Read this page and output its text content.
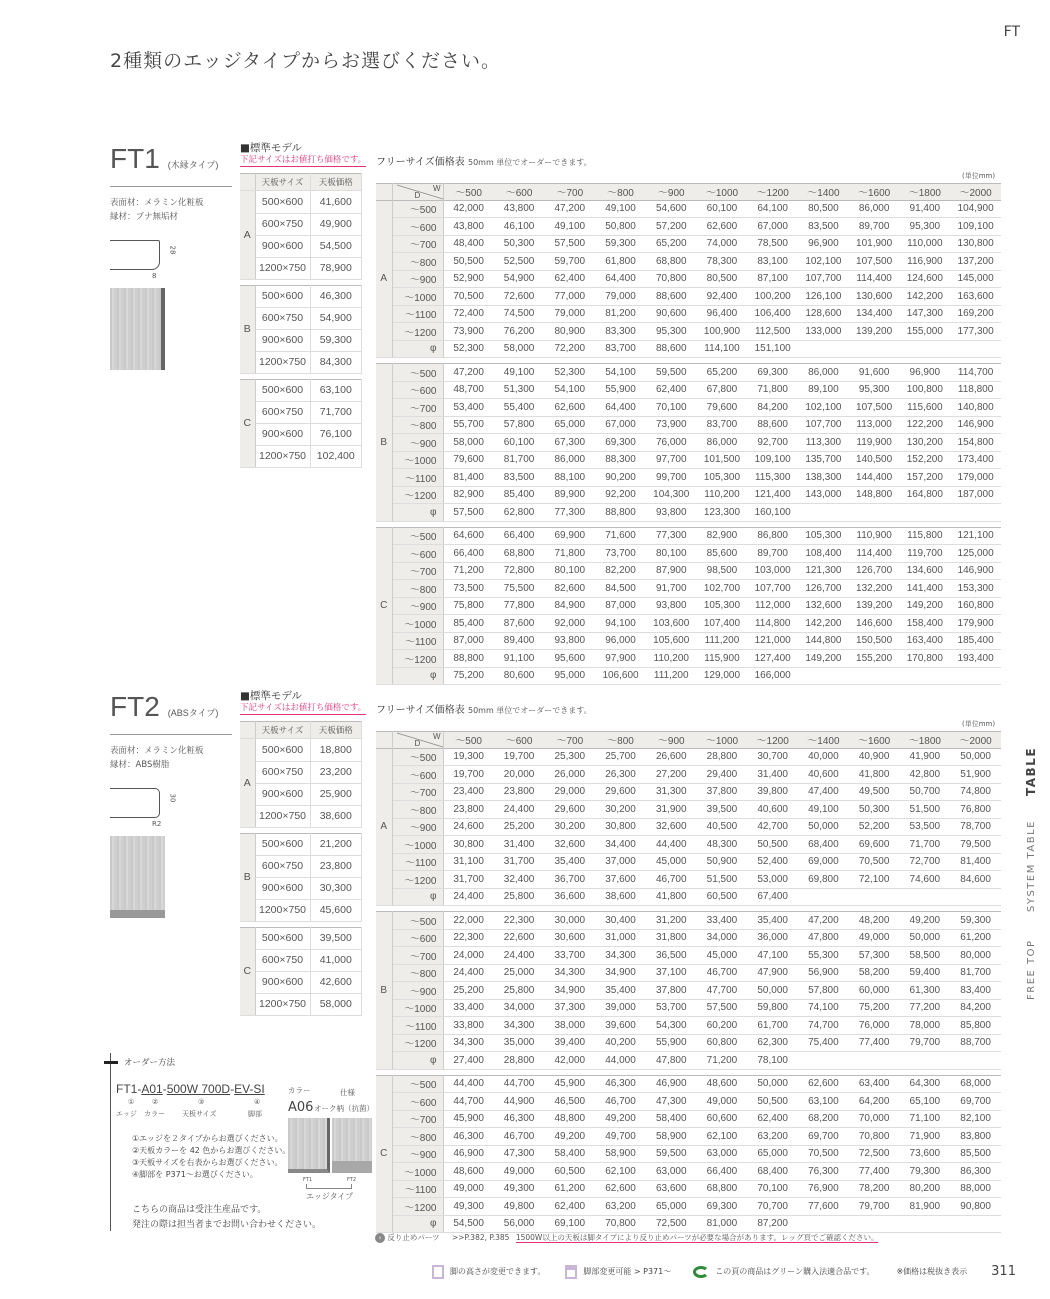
2種類のエッジタイプからお選びください。
FT
FREE TOP
SYSTEM TABLE
TABLE
FT1 (木縁タイプ)
表面材：メラミン化粧板
縁材：ブナ無垢材
28
8
■標準モデル
下記サイズはお値打ち価格です。 フリーサイズ価格表 50mm 単位でオーダーできます。
(単位mm)
	天板サイズ	天板価格
A	500×600	41,600
	600×750	49,900
	900×600	54,500
	1200×750	78,900
B	500×600	46,300
	600×750	54,900
	900×600	59,300
	1200×750	84,300
C	500×600	63,100
	600×750	71,700
	900×600	76,100
	1200×750	102,400

D
W	～500	～600	～700	～800	～900	～1000	～1200	～1400	～1600	～1800	～2000
A	～500	42,000	43,800	47,200	49,100	54,600	60,100	64,100	80,500	86,000	91,400	104,900
	～600	43,800	46,100	49,100	50,800	57,200	62,600	67,000	83,500	89,700	95,300	109,100
	～700	48,400	50,300	57,500	59,300	65,200	74,000	78,500	96,900	101,900	110,000	130,800
	～800	50,500	52,500	59,700	61,800	68,800	78,300	83,100	102,100	107,500	116,900	137,200
	～900	52,900	54,900	62,400	64,400	70,800	80,500	87,100	107,700	114,400	124,600	145,000
	～1000	70,500	72,600	77,000	79,000	88,600	92,400	100,200	126,100	130,600	142,200	163,600
	～1100	72,400	74,500	79,000	81,200	90,600	96,400	106,400	128,600	134,400	147,300	169,200
	～1200	73,900	76,200	80,900	83,300	95,300	100,900	112,500	133,000	139,200	155,000	177,300
	φ	52,300	58,000	72,200	83,700	88,600	114,100	151,100				
B	～500	47,200	49,100	52,300	54,100	59,500	65,200	69,300	86,000	91,600	96,900	114,700
	～600	48,700	51,300	54,100	55,900	62,400	67,800	71,800	89,100	95,300	100,800	118,800
	～700	53,400	55,400	62,600	64,400	70,100	79,600	84,200	102,100	107,500	115,600	140,800
	～800	55,700	57,800	65,000	67,000	73,900	83,700	88,600	107,700	113,000	122,200	146,900
	～900	58,000	60,100	67,300	69,300	76,000	86,000	92,700	113,300	119,900	130,200	154,800
	～1000	79,600	81,700	86,000	88,300	97,700	101,500	109,100	135,700	140,500	152,200	173,400
	～1100	81,400	83,500	88,100	90,200	99,700	105,300	115,300	138,300	144,400	157,200	179,000
	～1200	82,900	85,400	89,900	92,200	104,300	110,200	121,400	143,000	148,800	164,800	187,000
	φ	57,500	62,800	77,300	88,800	93,800	123,300	160,100				
C	～500	64,600	66,400	69,900	71,600	77,300	82,900	86,800	105,300	110,900	115,800	121,100
	～600	66,400	68,800	71,800	73,700	80,100	85,600	89,700	108,400	114,400	119,700	125,000
	～700	71,200	72,800	80,100	82,200	87,900	98,500	103,000	121,300	126,700	134,600	146,900
	～800	73,500	75,500	82,600	84,500	91,700	102,700	107,700	126,700	132,200	141,400	153,300
	～900	75,800	77,800	84,900	87,000	93,800	105,300	112,000	132,600	139,200	149,200	160,800
	～1000	85,400	87,600	92,000	94,100	103,600	107,400	114,800	142,200	146,600	158,400	179,900
	～1100	87,000	89,400	93,800	96,000	105,600	111,200	121,000	144,800	150,500	163,400	185,400
	～1200	88,800	91,100	95,600	97,900	110,200	115,900	127,400	149,200	155,200	170,800	193,400
	φ	75,200	80,600	95,000	106,600	111,200	129,000	166,000				
FT2 (ABSタイプ)
表面材：メラミン化粧板
縁材：ABS樹脂
30
R2
■標準モデル
下記サイズはお値打ち価格です。 フリーサイズ価格表 50mm 単位でオーダーできます。
(単位mm)
	天板サイズ	天板価格
A	500×600	18,800
	600×750	23,200
	900×600	25,900
	1200×750	38,600
B	500×600	21,200
	600×750	23,800
	900×600	30,300
	1200×750	45,600
C	500×600	39,500
	600×750	41,000
	900×600	42,600
	1200×750	58,000

D
W	～500	～600	～700	～800	～900	～1000	～1200	～1400	～1600	～1800	～2000
A	～500	19,300	19,700	25,300	25,700	26,600	28,800	30,700	40,000	40,900	41,900	50,000
	～600	19,700	20,000	26,000	26,300	27,200	29,400	31,400	40,600	41,800	42,800	51,900
	～700	23,400	23,800	29,000	29,600	31,300	37,800	39,800	47,400	49,500	50,700	74,800
	～800	23,800	24,400	29,600	30,200	31,900	39,500	40,600	49,100	50,300	51,500	76,800
	～900	24,600	25,200	30,200	30,800	32,600	40,500	42,700	50,000	52,200	53,500	78,700
	～1000	30,800	31,400	32,600	34,400	44,400	48,300	50,500	68,400	69,600	71,700	79,500
	～1100	31,100	31,700	35,400	37,000	45,000	50,900	52,400	69,000	70,500	72,700	81,400
	～1200	31,700	32,400	36,700	37,600	46,700	51,500	53,000	69,800	72,100	74,600	84,600
	φ	24,400	25,800	36,600	38,600	41,800	60,500	67,400				
B	～500	22,000	22,300	30,000	30,400	31,200	33,400	35,400	47,200	48,200	49,200	59,300
	～600	22,300	22,600	30,600	31,000	31,800	34,000	36,000	47,800	49,000	50,000	61,200
	～700	24,000	24,400	33,700	34,300	36,500	45,000	47,100	55,300	57,300	58,500	80,000
	～800	24,400	25,000	34,300	34,900	37,100	46,700	47,900	56,900	58,200	59,400	81,700
	～900	25,200	25,800	34,900	35,400	37,800	47,700	50,000	57,800	60,000	61,300	83,400
	～1000	33,400	34,000	37,300	39,000	53,700	57,500	59,800	74,100	75,200	77,200	84,200
	～1100	33,800	34,300	38,000	39,600	54,300	60,200	61,700	74,700	76,000	78,000	85,800
	～1200	34,300	35,000	39,400	40,200	55,900	60,800	62,300	75,400	77,400	79,700	88,700
	φ	27,400	28,800	42,000	44,000	47,800	71,200	78,100				
C	～500	44,400	44,700	45,900	46,300	46,900	48,600	50,000	62,600	63,400	64,300	68,000
	～600	44,700	44,900	46,500	46,700	47,300	49,000	50,500	63,100	64,200	65,100	69,700
	～700	45,900	46,300	48,800	49,200	58,400	60,600	62,400	68,200	70,000	71,100	82,100
	～800	46,300	46,700	49,200	49,700	58,900	62,100	63,200	69,700	70,800	71,900	83,800
	～900	46,900	47,300	58,400	58,900	59,500	63,000	65,000	70,500	72,500	73,600	85,500
	～1000	48,600	49,000	60,500	62,100	63,000	66,400	68,400	76,300	77,400	79,300	86,300
	～1100	49,000	49,300	61,200	62,600	63,600	68,800	70,100	76,900	78,200	80,200	88,000
	～1200	49,300	49,800	62,400	63,200	65,000	69,300	70,700	77,600	79,700	81,900	90,800
	φ	54,500	56,000	69,100	70,800	72,500	81,000	87,200				
オーダー方法
FT1-A01-500W 700D-EV-SI
①	②	③	④
エッジ カラー 天板サイズ	脚部
カラー
A06
仕様
オーク柄（抗菌）
FT1	FT2
エッジタイプ
①エッジを２タイプからお選びください。
②天板カラーを 42 色からお選びください。
③天板サイズを右表からお選びください。
④脚部を P371～お選びください。
こちらの商品は受注生産品です。
発注の際は担当者までお問い合わせください。
› 反り止めパーツ >>P.382, P.385 1500W以上の天板は脚タイプにより反り止めパーツが必要な場合があります。レッグ頁でご確認ください。
脚の高さが変更できます。	脚部変更可能 > P371～	この頁の商品はグリーン購入法適合品です。	※価格は税抜き表示 311
